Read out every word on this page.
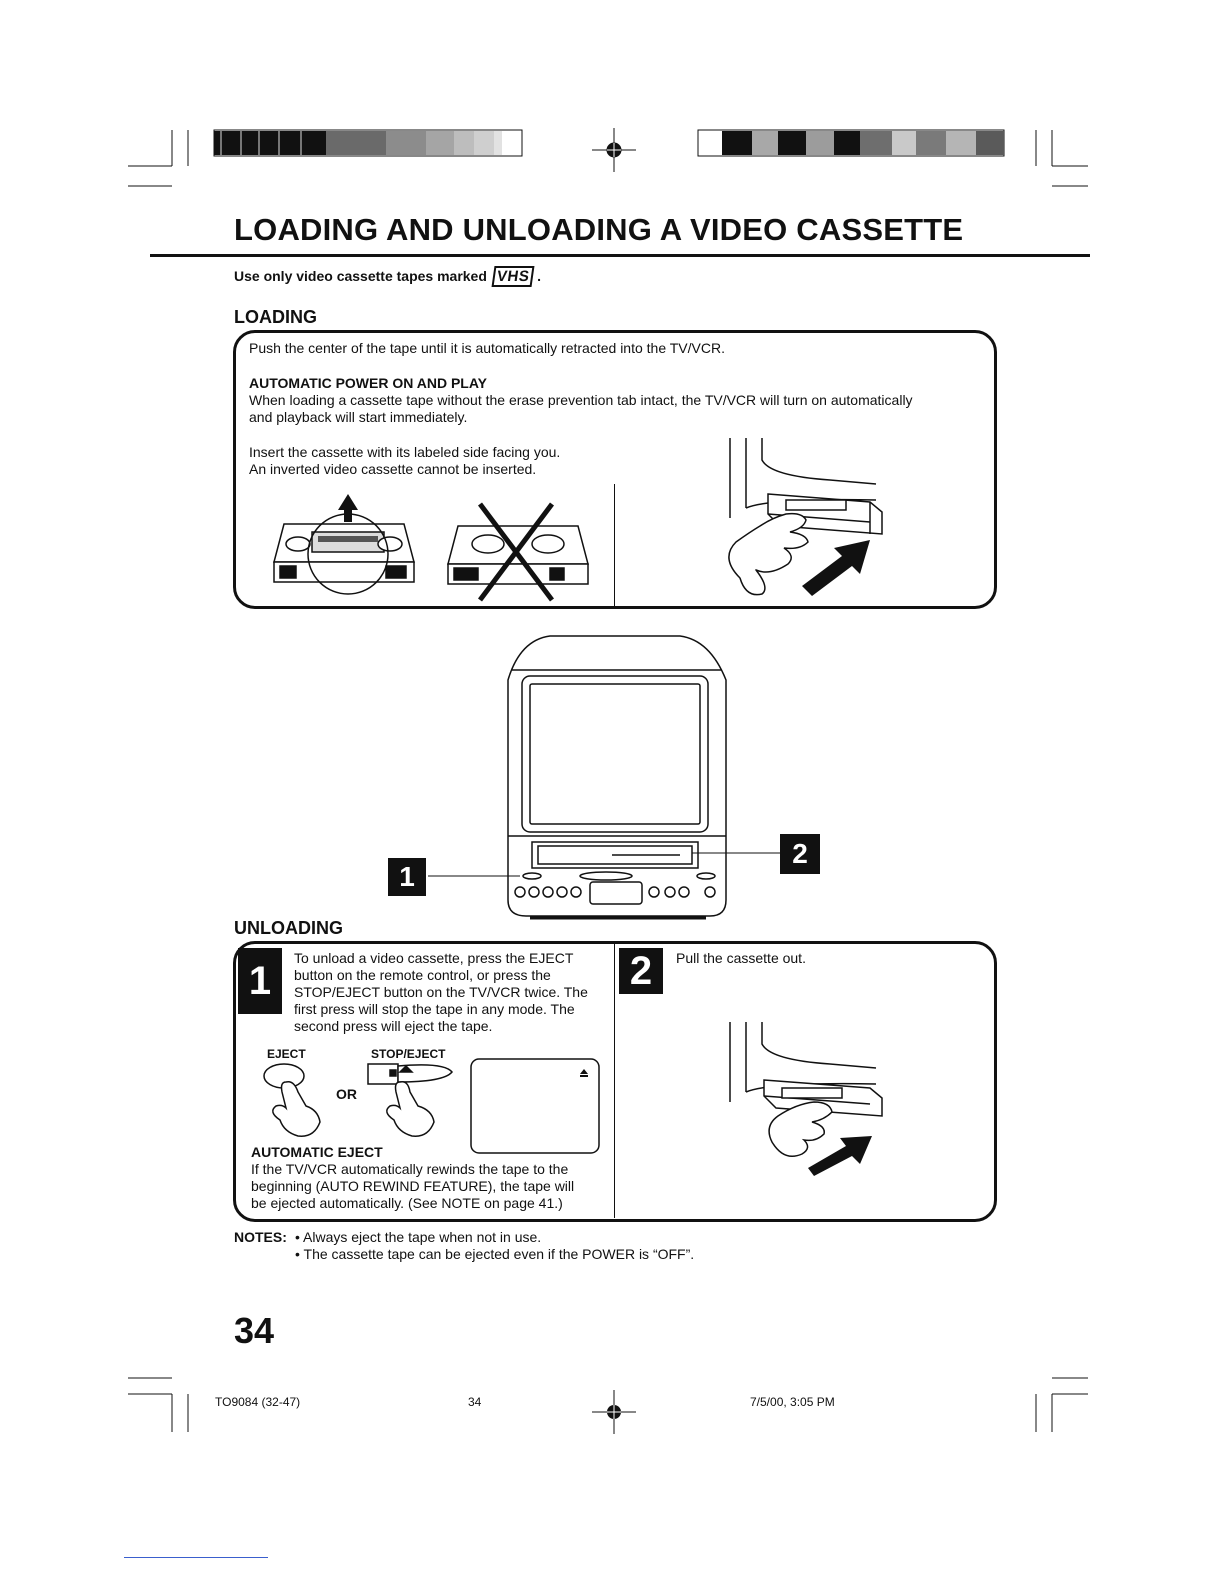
LOADING AND UNLOADING A VIDEO CASSETTE
Use only video cassette tapes marked VHS .
LOADING
Push the center of the tape until it is automatically retracted into the TV/VCR.
AUTOMATIC POWER ON AND PLAY
When loading a cassette tape without the erase prevention tab intact, the TV/VCR will turn on automatically
and playback will start immediately.
Insert the cassette with its labeled side facing you.
An inverted video cassette cannot be inserted.
1
2
UNLOADING
1
To unload a video cassette, press the EJECT
button on the remote control, or press the
STOP/EJECT button on the TV/VCR twice. The
first press will stop the tape in any mode. The
second press will eject the tape.
EJECT	STOP/EJECT
OR
AUTOMATIC EJECT
If the TV/VCR automatically rewinds the tape to the
beginning (AUTO REWIND FEATURE), the tape will
be ejected automatically. (See NOTE on page 41.)
2	Pull the cassette out.
NOTES: • Always eject the tape when not in use.
• The cassette tape can be ejected even if the POWER is “OFF”.
34
TO9084 (32-47)	34	7/5/00, 3:05 PM
